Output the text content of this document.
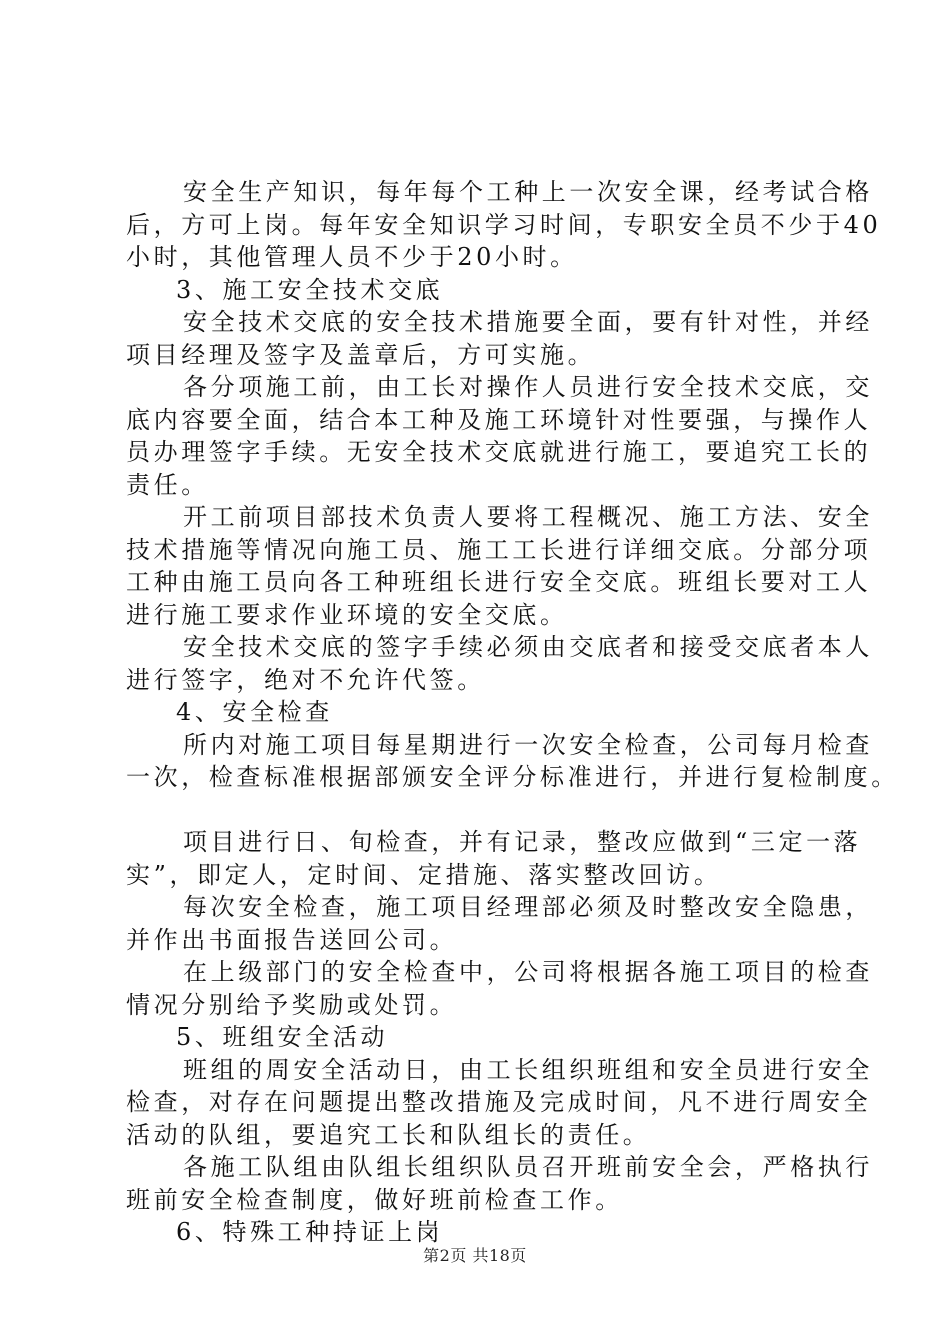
安全生产知识，每年每个工种上一次安全课，经考试合格
后，方可上岗。每年安全知识学习时间，专职安全员不少于40
小时，其他管理人员不少于20小时。
3、施工安全技术交底
安全技术交底的安全技术措施要全面，要有针对性，并经
项目经理及签字及盖章后，方可实施。
各分项施工前，由工长对操作人员进行安全技术交底，交
底内容要全面，结合本工种及施工环境针对性要强，与操作人
员办理签字手续。无安全技术交底就进行施工，要追究工长的
责任。
开工前项目部技术负责人要将工程概况、施工方法、安全
技术措施等情况向施工员、施工工长进行详细交底。分部分项
工种由施工员向各工种班组长进行安全交底。班组长要对工人
进行施工要求作业环境的安全交底。
安全技术交底的签字手续必须由交底者和接受交底者本人
进行签字，绝对不允许代签。
4、安全检查
所内对施工项目每星期进行一次安全检查，公司每月检查
一次，检查标准根据部颁安全评分标准进行，并进行复检制度。
项目进行日、旬检查，并有记录，整改应做到“三定一落
实”，即定人，定时间、定措施、落实整改回访。
每次安全检查，施工项目经理部必须及时整改安全隐患，
并作出书面报告送回公司。
在上级部门的安全检查中，公司将根据各施工项目的检查
情况分别给予奖励或处罚。
5、班组安全活动
班组的周安全活动日，由工长组织班组和安全员进行安全
检查，对存在问题提出整改措施及完成时间，凡不进行周安全
活动的队组，要追究工长和队组长的责任。
各施工队组由队组长组织队员召开班前安全会，严格执行
班前安全检查制度，做好班前检查工作。
6、特殊工种持证上岗
第2页 共18页
